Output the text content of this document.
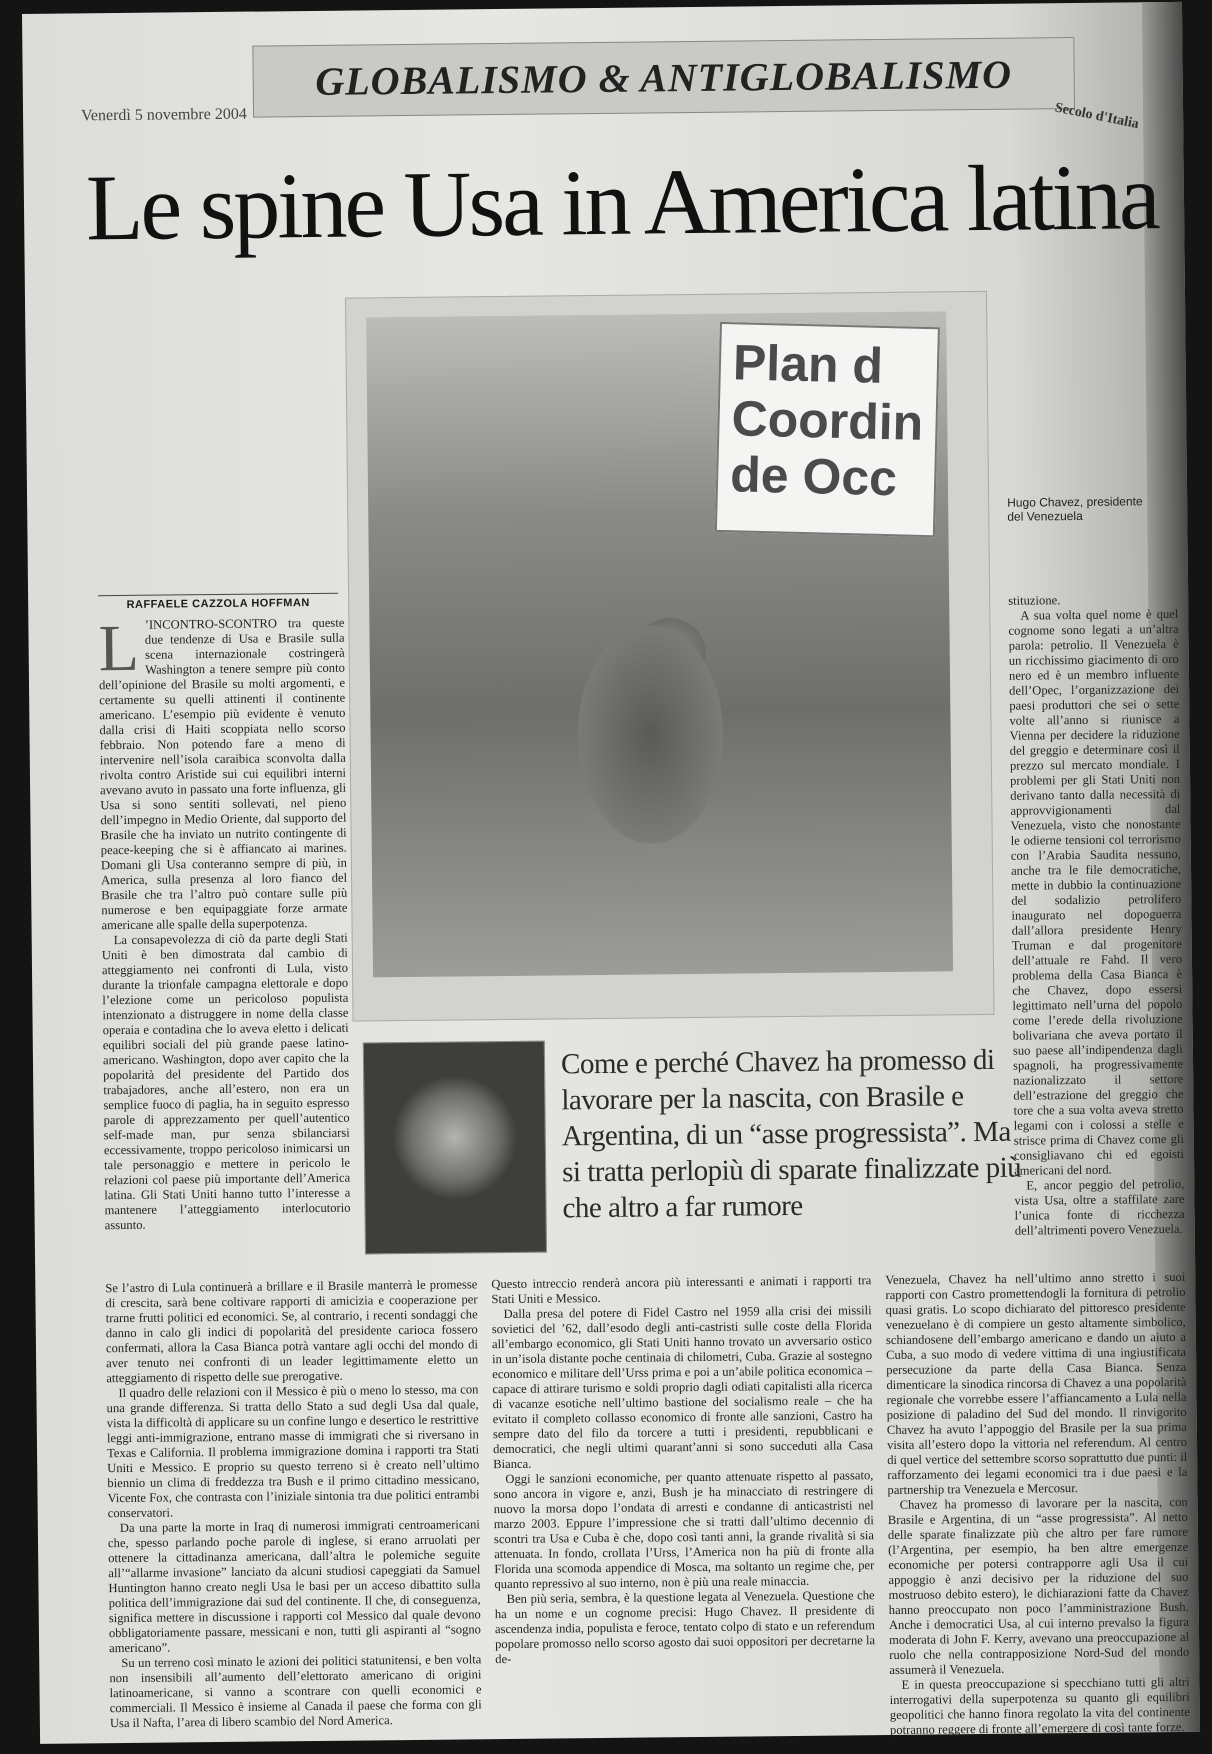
GLOBALISMO & ANTIGLOBALISMO
Venerdì 5 novembre 2004	Secolo d'Italia
Le spine Usa in America latina
Plan d
Coordin
de Occ	Hugo Chavez, presidente del Venezuela
RAFFAELE CAZZOLA HOFFMAN

L ’INCONTRO-SCONTRO tra queste due tendenze di Usa e Brasile sulla scena internazionale costringerà Washington a tenere sempre più conto dell’opinione del Brasile su molti argomenti, e certamente su quelli attinenti il continente americano. L’esempio più evidente è venuto dalla crisi di Haiti scoppiata nello scorso febbraio. Non potendo fare a meno di intervenire nell’isola caraibica sconvolta dalla rivolta contro Aristide sui cui equilibri interni avevano avuto in passato una forte influenza, gli Usa si sono sentiti sollevati, nel pieno dell’impegno in Medio Oriente, dal supporto del Brasile che ha inviato un nutrito contingente di peace-keeping che si è affiancato ai marines. Domani gli Usa conteranno sempre di più, in America, sulla presenza al loro fianco del Brasile che tra l’altro può contare sulle più numerose e ben equipaggiate forze armate americane alle spalle della superpotenza.

La consapevolezza di ciò da parte degli Stati Uniti è ben dimostrata dal cambio di atteggiamento nei confronti di Lula, visto durante la trionfale campagna elettorale e dopo l’elezione come un pericoloso populista intenzionato a distruggere in nome della classe operaia e contadina che lo aveva eletto i delicati equilibri sociali del più grande paese latino-americano. Washington, dopo aver capito che la popolarità del presidente del Partido dos trabajadores, anche all’estero, non era un semplice fuoco di paglia, ha in seguito espresso parole di apprezzamento per quell’autentico self-made man, pur senza sbilanciarsi eccessivamente, troppo pericoloso inimicarsi un tale personaggio e mettere in pericolo le relazioni col paese più importante dell’America latina. Gli Stati Uniti hanno tutto l’interesse a mantenere l’atteggiamento interlocutorio assunto.

stituzione.

A sua volta quel nome è quel cognome sono legati a un’altra parola: petrolio. Il Venezuela è un ricchissimo giacimento di oro nero ed è un membro influente dell’Opec, l’organizzazione dei paesi produttori che sei o sette volte all’anno si riunisce a Vienna per decidere la riduzione del greggio e determinare così il prezzo sul mercato mondiale. I problemi per gli Stati Uniti non derivano tanto dalla necessità di approvvigionamenti dal Venezuela, visto che nonostante le odierne tensioni col terrorismo con l’Arabia Saudita nessuno, anche tra le file democratiche, mette in dubbio la continuazione del sodalizio petrolifero inaugurato nel dopoguerra dall’allora presidente Henry Truman e dal progenitore dell’attuale re Fahd. Il vero problema della Casa Bianca è che Chavez, dopo essersi legittimato nell’urna del popolo come l’erede della rivoluzione bolivariana che aveva portato il suo paese all’indipendenza dagli spagnoli, ha progressivamente nazionalizzato il settore dell’estrazione del greggio che tore che a sua volta aveva stretto legami con i colossi a stelle e strisce prima di Chavez come gli consigliavano chi ed egoisti americani del nord.

E, ancor peggio del petrolio, vista Usa, oltre a staffilate zare l’unica fonte di ricchezza dell’altrimenti povero Venezuela.

Come e perché Chavez ha promesso di lavorare per la nascita, con Brasile e Argentina, di un “asse progressista”. Ma si tratta perlopiù di sparate finalizzate più che altro a far rumore

Se l’astro di Lula continuerà a brillare e il Brasile manterrà le promesse di crescita, sarà bene coltivare rapporti di amicizia e cooperazione per trarne frutti politici ed economici. Se, al contrario, i recenti sondaggi che danno in calo gli indici di popolarità del presidente carioca fossero confermati, allora la Casa Bianca potrà vantare agli occhi del mondo di aver tenuto nei confronti di un leader legittimamente eletto un atteggiamento di rispetto delle sue prerogative.

Il quadro delle relazioni con il Messico è più o meno lo stesso, ma con una grande differenza. Si tratta dello Stato a sud degli Usa dal quale, vista la difficoltà di applicare su un confine lungo e desertico le restrittive leggi anti-immigrazione, entrano masse di immigrati che si riversano in Texas e California. Il problema immigrazione domina i rapporti tra Stati Uniti e Messico. E proprio su questo terreno si è creato nell’ultimo biennio un clima di freddezza tra Bush e il primo cittadino messicano, Vicente Fox, che contrasta con l’iniziale sintonia tra due politici entrambi conservatori.

Da una parte la morte in Iraq di numerosi immigrati centroamericani che, spesso parlando poche parole di inglese, si erano arruolati per ottenere la cittadinanza americana, dall’altra le polemiche seguite all’“allarme invasione” lanciato da alcuni studiosi capeggiati da Samuel Huntington hanno creato negli Usa le basi per un acceso dibattito sulla politica dell’immigrazione dai sud del continente. Il che, di conseguenza, significa mettere in discussione i rapporti col Messico dal quale devono obbligatoriamente passare, messicani e non, tutti gli aspiranti al “sogno americano”.

Su un terreno così minato le azioni dei politici statunitensi, e ben volta non insensibili all’aumento dell’elettorato americano di origini latinoamericane, si vanno a scontrare con quelli economici e commerciali. Il Messico è insieme al Canada il paese che forma con gli Usa il Nafta, l’area di libero scambio del Nord America.

Questo intreccio renderà ancora più interessanti e animati i rapporti tra Stati Uniti e Messico.

Dalla presa del potere di Fidel Castro nel 1959 alla crisi dei missili sovietici del ’62, dall’esodo degli anti-castristi sulle coste della Florida all’embargo economico, gli Stati Uniti hanno trovato un avversario ostico in un’isola distante poche centinaia di chilometri, Cuba. Grazie al sostegno economico e militare dell’Urss prima e poi a un’abile politica economica – capace di attirare turismo e soldi proprio dagli odiati capitalisti alla ricerca di vacanze esotiche nell’ultimo bastione del socialismo reale – che ha evitato il completo collasso economico di fronte alle sanzioni, Castro ha sempre dato del filo da torcere a tutti i presidenti, repubblicani e democratici, che negli ultimi quarant’anni si sono succeduti alla Casa Bianca.

Oggi le sanzioni economiche, per quanto attenuate rispetto al passato, sono ancora in vigore e, anzi, Bush je ha minacciato di restringere di nuovo la morsa dopo l’ondata di arresti e condanne di anticastristi nel marzo 2003. Eppure l’impressione che si tratti dall’ultimo decennio di scontri tra Usa e Cuba è che, dopo così tanti anni, la grande rivalità si sia attenuata. In fondo, crollata l’Urss, l’America non ha più di fronte alla Florida una scomoda appendice di Mosca, ma soltanto un regime che, per quanto repressivo al suo interno, non è più una reale minaccia.

Ben più seria, sembra, è la questione legata al Venezuela. Questione che ha un nome e un cognome precisi: Hugo Chavez. Il presidente di ascendenza india, populista e feroce, tentato colpo di stato e un referendum popolare promosso nello scorso agosto dai suoi oppositori per decretarne la de-

Venezuela, Chavez ha nell’ultimo anno stretto i suoi rapporti con Castro promettendogli la fornitura di petrolio quasi gratis. Lo scopo dichiarato del pittoresco presidente venezuelano è di compiere un gesto altamente simbolico, schiandosene dell’embargo americano e dando un aiuto a Cuba, a suo modo di vedere vittima di una ingiustificata persecuzione da parte della Casa Bianca. Senza dimenticare la sinodica rincorsa di Chavez a una popolarità regionale che vorrebbe essere l’affiancamento a Lula nella posizione di paladino del Sud del mondo. Il rinvigorito Chavez ha avuto l’appoggio del Brasile per la sua prima visita all’estero dopo la vittoria nel referendum. Al centro di quel vertice del settembre scorso soprattutto due punti: il rafforzamento dei legami economici tra i due paesi e la partnership tra Venezuela e Mercosur.

Chavez ha promesso di lavorare per la nascita, con Brasile e Argentina, di un “asse progressista”. Al netto delle sparate finalizzate più che altro per fare rumore (l’Argentina, per esempio, ha ben altre emergenze economiche per potersi contrapporre agli Usa il cui appoggio è anzi decisivo per la riduzione del suo mostruoso debito estero), le dichiarazioni fatte da Chavez hanno preoccupato non poco l’amministrazione Bush. Anche i democratici Usa, al cui interno prevalso la figura moderata di John F. Kerry, avevano una preoccupazione al ruolo che nella contrapposizione Nord-Sud del mondo assumerà il Venezuela.

E in questa preoccupazione si specchiano tutti gli altri interrogativi della superpotenza su quanto gli equilibri geopolitici che hanno finora regolato la vita del continente potranno reggere di fronte all’emergere di così tante forze.
